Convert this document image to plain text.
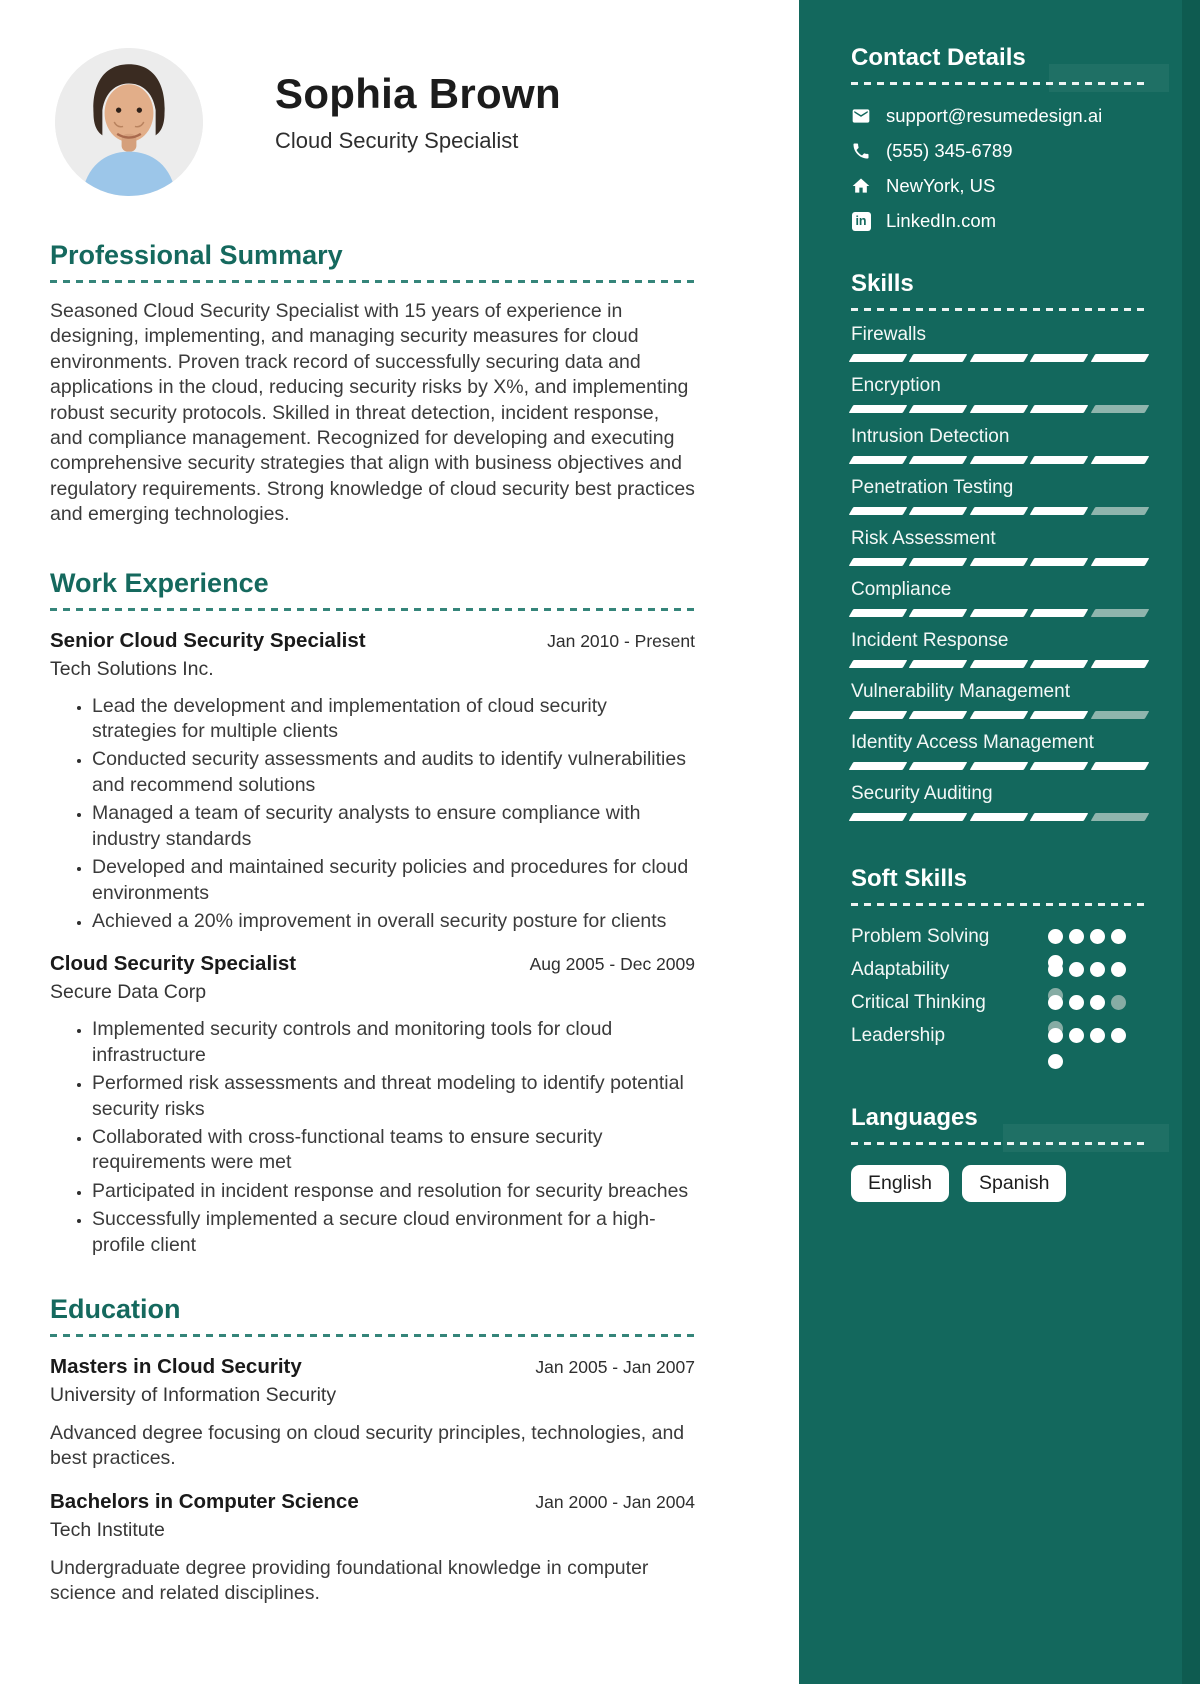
Sophia Brown
Cloud Security Specialist
Professional Summary

Seasoned Cloud Security Specialist with 15 years of experience in designing, implementing, and managing security measures for cloud environments. Proven track record of successfully securing data and applications in the cloud, reducing security risks by X%, and implementing robust security protocols. Skilled in threat detection, incident response, and compliance management. Recognized for developing and executing comprehensive security strategies that align with business objectives and regulatory requirements. Strong knowledge of cloud security best practices and emerging technologies.

Work Experience
Senior Cloud Security Specialist	Jan 2010 - Present
Tech Solutions Inc.
• Lead the development and implementation of cloud security strategies for multiple clients
• Conducted security assessments and audits to identify vulnerabilities and recommend solutions
• Managed a team of security analysts to ensure compliance with industry standards
• Developed and maintained security policies and procedures for cloud environments
• Achieved a 20% improvement in overall security posture for clients
Cloud Security Specialist	Aug 2005 - Dec 2009
Secure Data Corp
• Implemented security controls and monitoring tools for cloud infrastructure
• Performed risk assessments and threat modeling to identify potential security risks
• Collaborated with cross-functional teams to ensure security requirements were met
• Participated in incident response and resolution for security breaches
• Successfully implemented a secure cloud environment for a high-profile client
Education
Masters in Cloud Security	Jan 2005 - Jan 2007
University of Information Security

Advanced degree focusing on cloud security principles, technologies, and best practices.

Bachelors in Computer Science	Jan 2000 - Jan 2004
Tech Institute

Undergraduate degree providing foundational knowledge in computer science and related disciplines.

Contact Details
support@resumedesign.ai
(555) 345-6789
NewYork, US
in LinkedIn.com
Skills
Firewalls
Encryption
Intrusion Detection
Penetration Testing
Risk Assessment
Compliance
Incident Response
Vulnerability Management
Identity Access Management
Security Auditing
Soft Skills
Problem Solving
Adaptability
Critical Thinking
Leadership
Languages
English	Spanish
